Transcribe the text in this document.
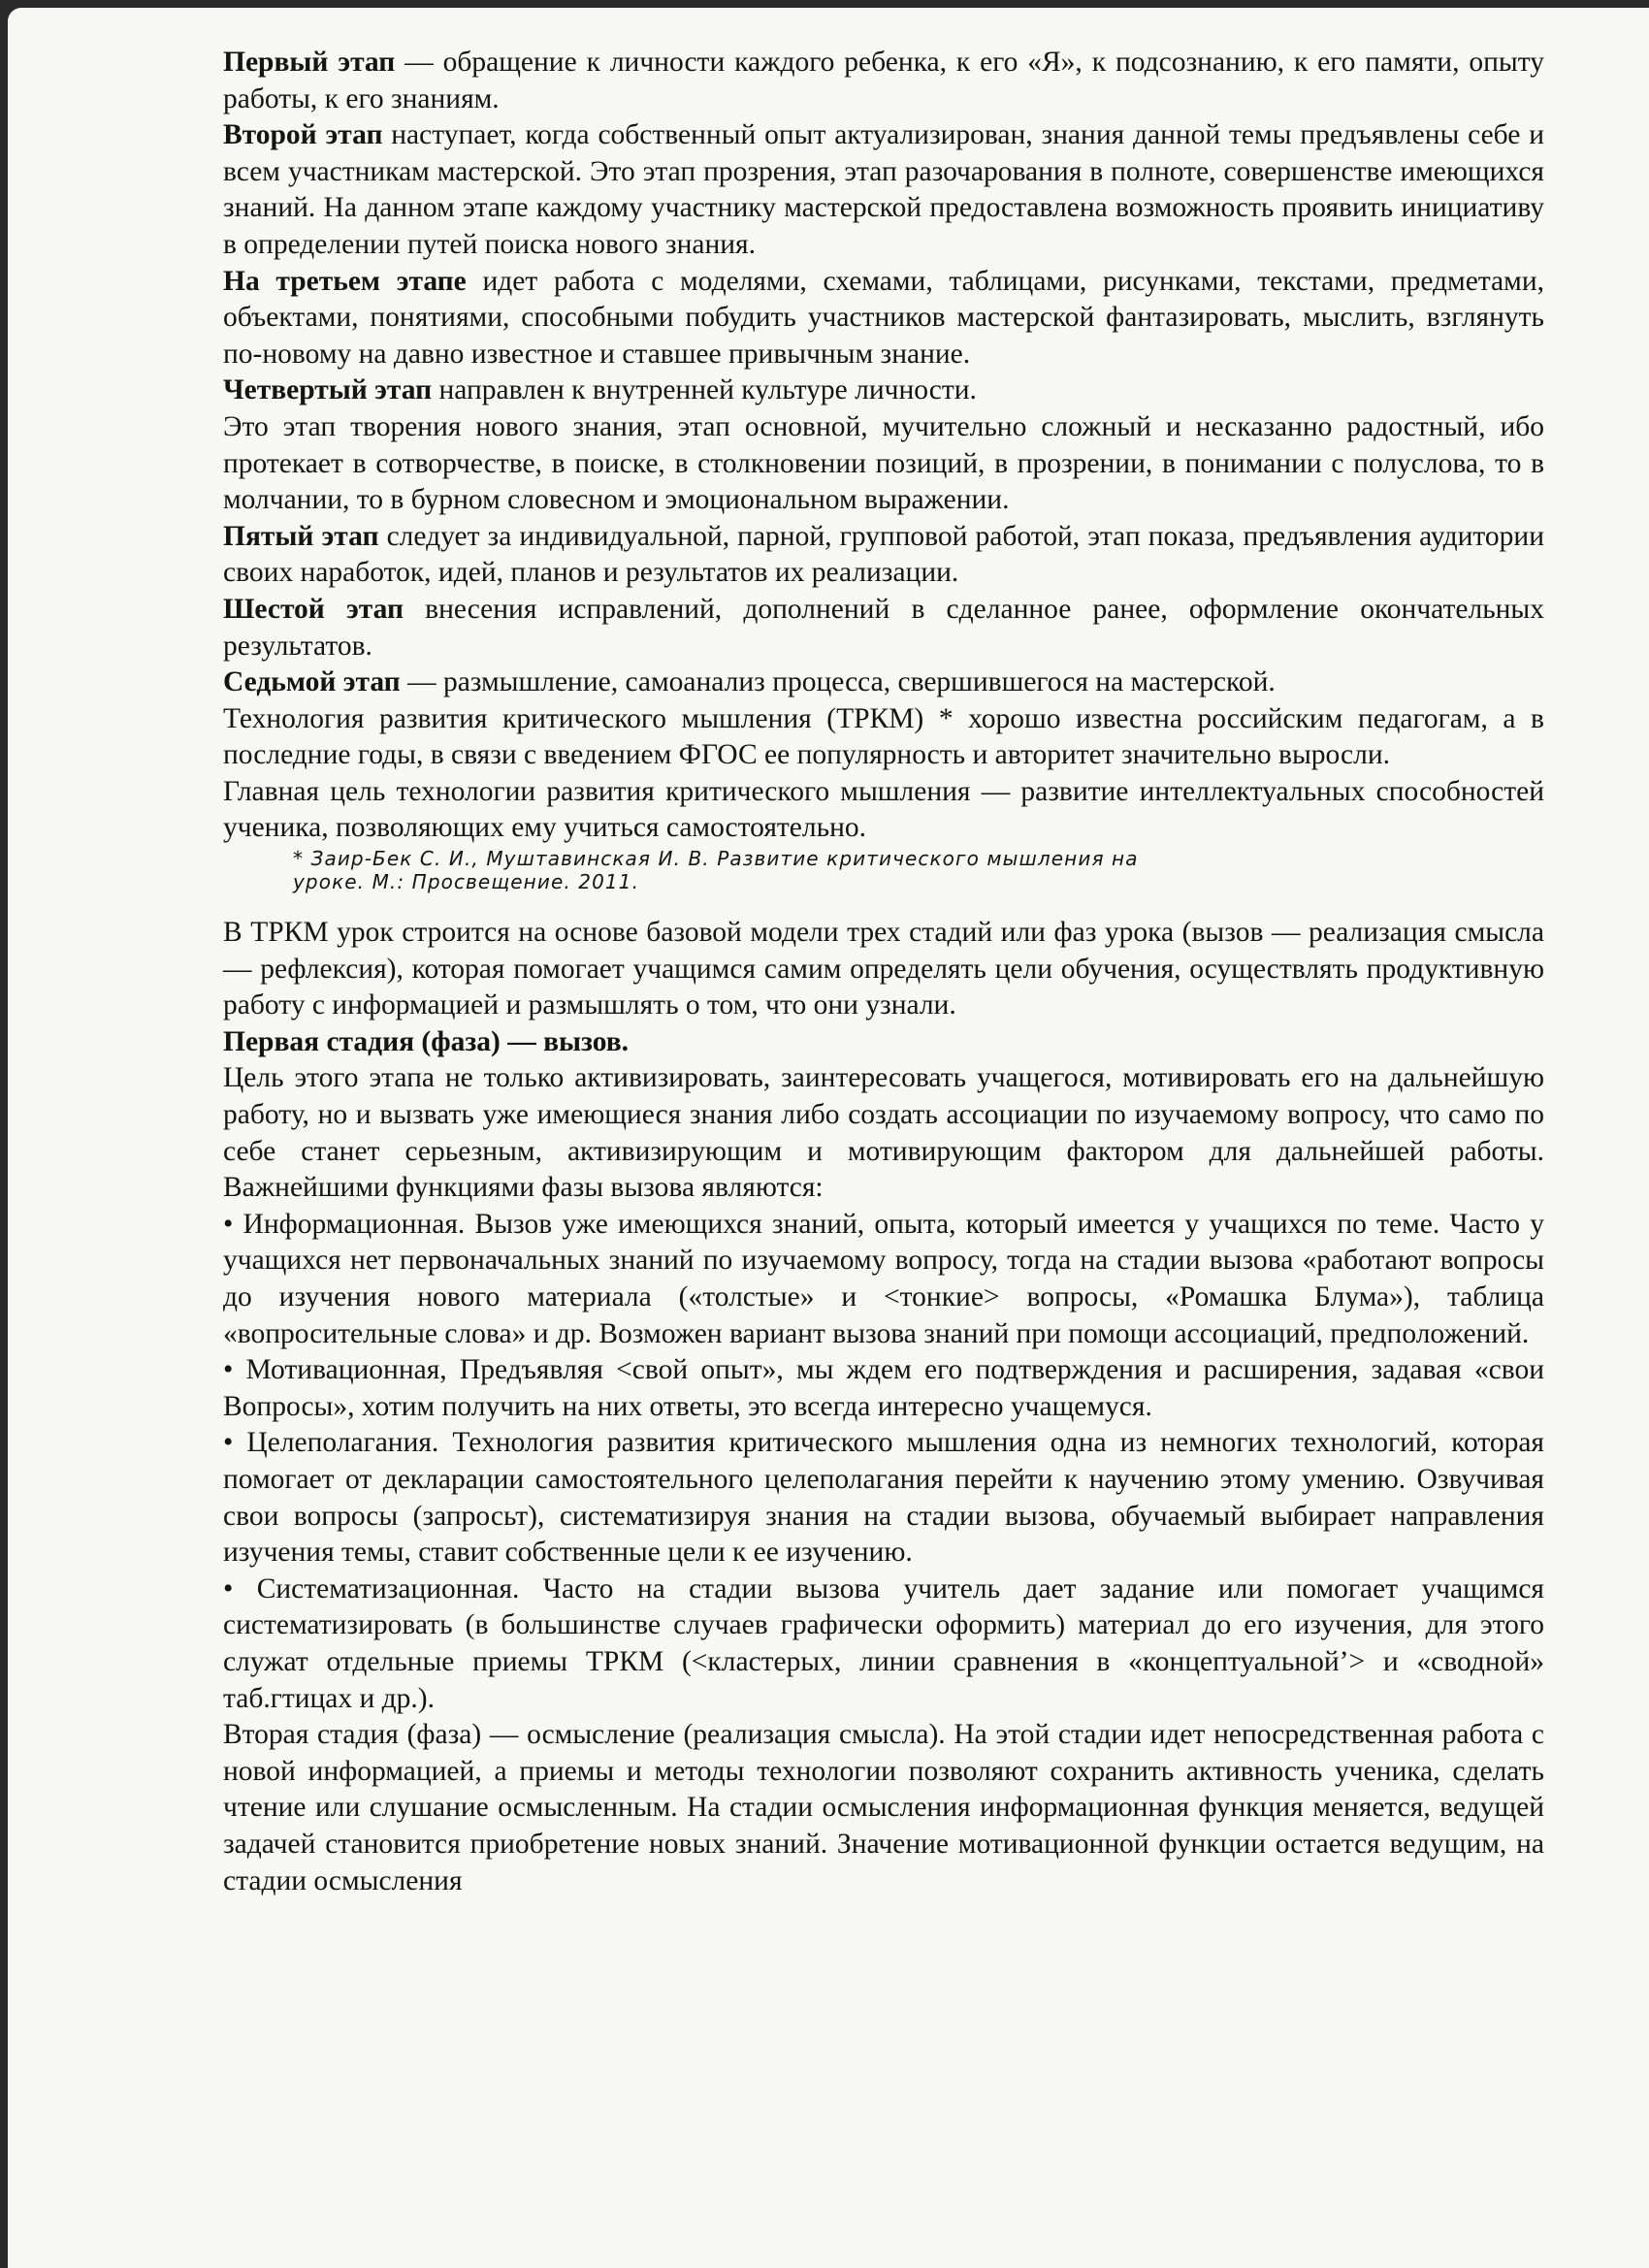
Первый этап — обращение к личности каждого ребенка, к его «Я», к подсознанию, к его памяти, опыту работы, к его знаниям.

Второй этап наступает, когда собственный опыт актуализирован, знания данной темы предъявлены себе и всем участникам мастерской. Это этап прозрения, этап разочарования в полноте, совершенстве имеющихся знаний. На данном этапе каждому участнику мастерской предоставлена возможность проявить инициативу в определении путей поиска нового знания.

На третьем этапе идет работа с моделями, схемами, таблицами, рисунками, текстами, предметами, объектами, понятиями, способными побудить участников мастерской фантазировать, мыслить, взглянуть по-новому на давно известное и ставшее привычным знание.

Четвертый этап направлен к внутренней культуре личности.

Это этап творения нового знания, этап основной, мучительно сложный и несказанно радостный, ибо протекает в сотворчестве, в поиске, в столкновении позиций, в прозрении, в понимании с полуслова, то в молчании, то в бурном словесном и эмоциональном выражении.

Пятый этап следует за индивидуальной, парной, групповой работой, этап показа, предъявления аудитории своих наработок, идей, планов и результатов их реализации.

Шестой этап внесения исправлений, дополнений в сделанное ранее, оформление окончательных результатов.

Седьмой этап — размышление, самоанализ процесса, свершившегося на мастерской.

Технология развития критического мышления (ТРКМ) * хорошо известна российским педагогам, а в последние годы, в связи с введением ФГОС ее популярность и авторитет значительно выросли.

Главная цель технологии развития критического мышления — развитие интеллектуальных способностей ученика, позволяющих ему учиться самостоятельно.

* Заир-Бек С. И., Муштавинская И. В. Развитие критического мышления на
уроке. М.: Просвещение. 2011.

В ТРКМ урок строится на основе базовой модели трех стадий или фаз урока (вызов — реализация смысла — рефлексия), которая помогает учащимся самим определять цели обучения, осуществлять продуктивную работу с информацией и размышлять о том, что они узнали.

Первая стадия (фаза) — вызов.

Цель этого этапа не только активизировать, заинтересовать учащегося, мотивировать его на дальнейшую работу, но и вызвать уже имеющиеся знания либо создать ассоциации по изучаемому вопросу, что само по себе станет серьезным, активизирующим и мотивирующим фактором для дальнейшей работы. Важнейшими функциями фазы вызова являются:

• Информационная. Вызов уже имеющихся знаний, опыта, который имеется у учащихся по теме. Часто у учащихся нет первоначальных знаний по изучаемому вопросу, тогда на стадии вызова «работают вопросы до изучения нового материала («толстые» и <тонкие> вопросы, «Ромашка Блума»), таблица «вопросительные слова» и др. Возможен вариант вызова знаний при помощи ассоциаций, предположений.

• Мотивационная, Предъявляя <свой опыт», мы ждем его подтверждения и расширения, задавая «свои Вопросы», хотим получить на них ответы, это всегда интересно учащемуся.

• Целеполагания. Технология развития критического мышления одна из немногих технологий, которая помогает от декларации самостоятельного целеполагания перейти к научению этому умению. Озвучивая свои вопросы (запросьт), систематизируя знания на стадии вызова, обучаемый выбирает направления изучения темы, ставит собственные цели к ее изучению.

• Систематизационная. Часто на стадии вызова учитель дает задание или помогает учащимся систематизировать (в большинстве случаев графически оформить) материал до его изучения, для этого служат отдельные приемы ТРКМ (<кластерых, линии сравнения в «концептуальной’> и «сводной» таб.гтицах и др.).

Вторая стадия (фаза) — осмысление (реализация смысла). На этой стадии идет непосредственная работа с новой информацией, а приемы и методы технологии позволяют сохранить активность ученика, сделать чтение или слушание осмысленным. На стадии осмысления информационная функция меняется, ведущей задачей становится приобретение новых знаний. Значение мотивационной функции остается ведущим, на стадии осмысления
